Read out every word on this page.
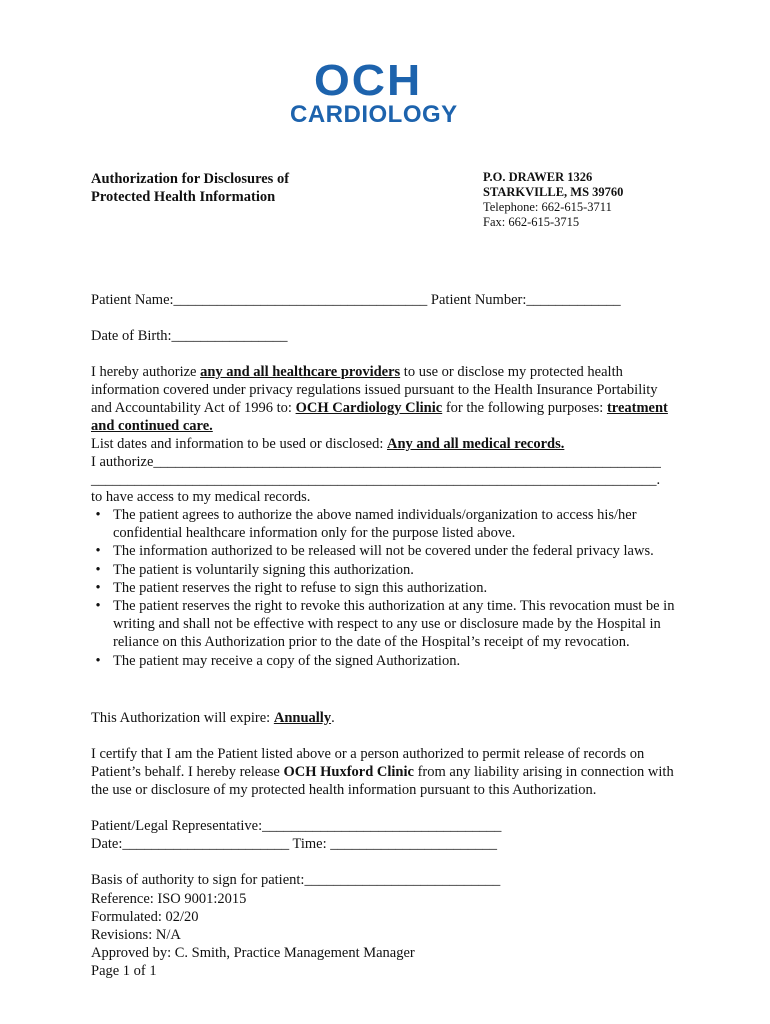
OCH
CARDIOLOGY
Authorization for Disclosures of
Protected Health Information
P.O. DRAWER 1326
STARKVILLE, MS 39760
Telephone: 662-615-3711
Fax: 662-615-3715
Patient Name:___________________________________ Patient Number:_____________
Date of Birth:________________
I hereby authorize any and all healthcare providers to use or disclose my protected health information covered under privacy regulations issued pursuant to the Health Insurance Portability and Accountability Act of 1996 to: OCH Cardiology Clinic for the following purposes: treatment and continued care.
List dates and information to be used or disclosed: Any and all medical records.
I authorize______________________________________________________________________
______________________________________________________________________________.
to have access to my medical records.
• The patient agrees to authorize the above named individuals/organization to access his/her confidential healthcare information only for the purpose listed above.
• The information authorized to be released will not be covered under the federal privacy laws.
• The patient is voluntarily signing this authorization.
• The patient reserves the right to refuse to sign this authorization.
• The patient reserves the right to revoke this authorization at any time. This revocation must be in writing and shall not be effective with respect to any use or disclosure made by the Hospital in reliance on this Authorization prior to the date of the Hospital’s receipt of my revocation.
• The patient may receive a copy of the signed Authorization.
This Authorization will expire: Annually.
I certify that I am the Patient listed above or a person authorized to permit release of records on Patient’s behalf. I hereby release OCH Huxford Clinic from any liability arising in connection with the use or disclosure of my protected health information pursuant to this Authorization.
Patient/Legal Representative:_________________________________
Date:_______________________ Time: _______________________
Basis of authority to sign for patient:___________________________
Reference: ISO 9001:2015
Formulated: 02/20
Revisions: N/A
Approved by: C. Smith, Practice Management Manager
Page 1 of 1
